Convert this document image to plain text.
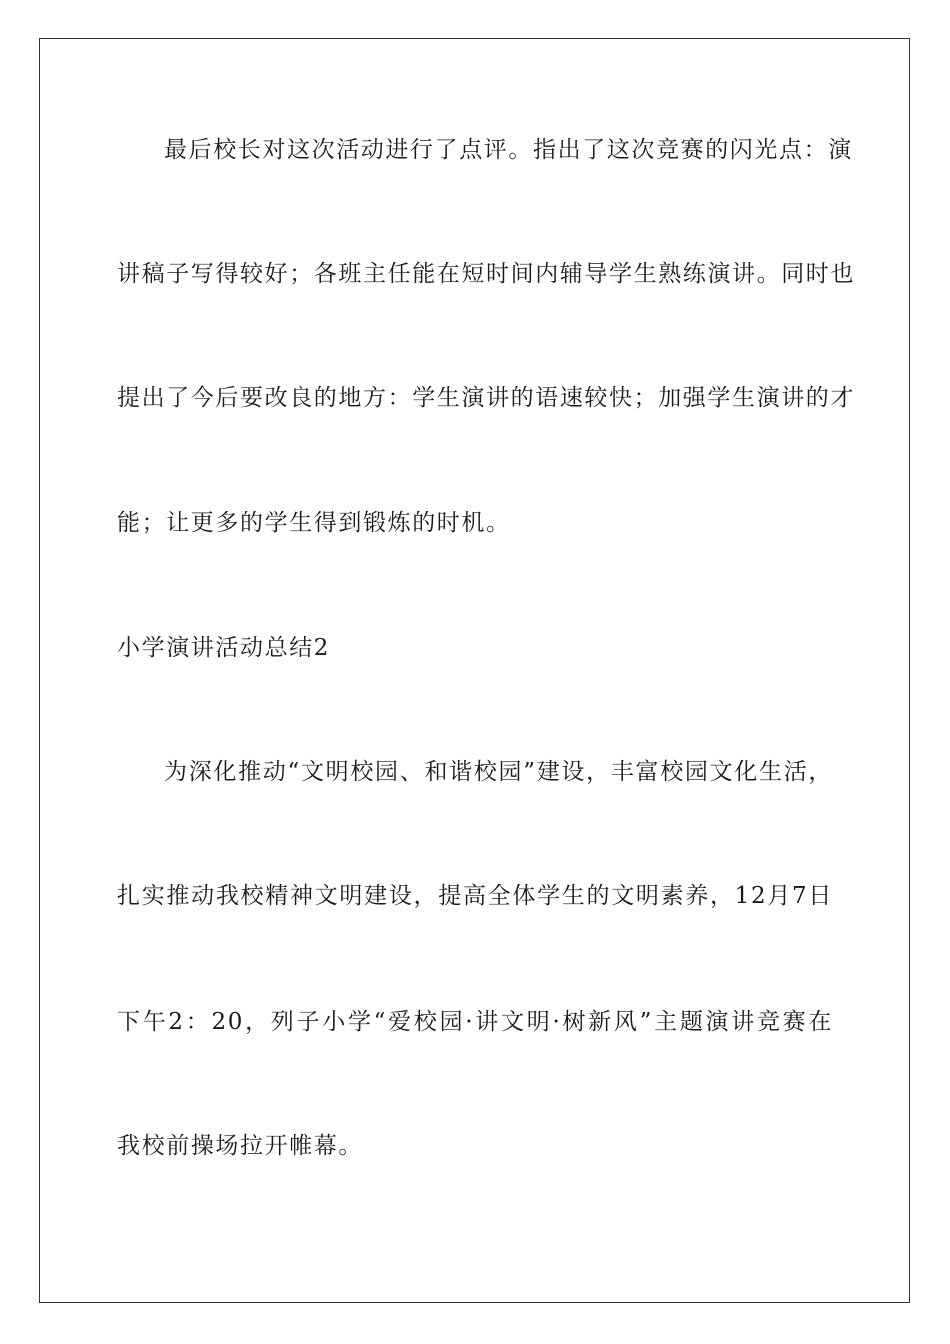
最后校长对这次活动进行了点评。指出了这次竞赛的闪光点：演
讲稿子写得较好；各班主任能在短时间内辅导学生熟练演讲。同时也
提出了今后要改良的地方：学生演讲的语速较快；加强学生演讲的才
能；让更多的学生得到锻炼的时机。
小学演讲活动总结2
为深化推动“文明校园、和谐校园”建设，丰富校园文化生活，
扎实推动我校精神文明建设，提高全体学生的文明素养，12月7日
下午2：20，列子小学“爱校园·讲文明·树新风”主题演讲竞赛在
我校前操场拉开帷幕。
